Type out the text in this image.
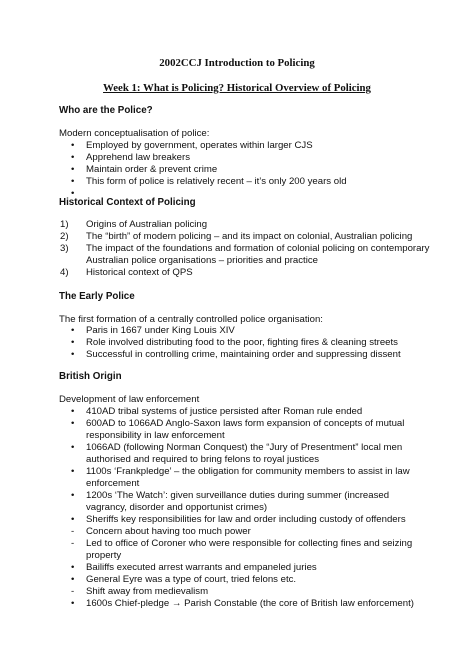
2002CCJ Introduction to Policing
Week 1: What is Policing? Historical Overview of Policing
Who are the Police?
Modern conceptualisation of police:
• Employed by government, operates within larger CJS
• Apprehend law breakers
• Maintain order & prevent crime
• This form of police is relatively recent – it’s only 200 years old
•

Historical Context of Policing
1) Origins of Australian policing
2) The “birth” of modern policing – and its impact on colonial, Australian policing
3) The impact of the foundations and formation of colonial policing on contemporary Australian police organisations – priorities and practice
4) Historical context of QPS
The Early Police
The first formation of a centrally controlled police organisation:
• Paris in 1667 under King Louis XIV
• Role involved distributing food to the poor, fighting fires & cleaning streets
• Successful in controlling crime, maintaining order and suppressing dissent
British Origin
Development of law enforcement
• 410AD tribal systems of justice persisted after Roman rule ended
• 600AD to 1066AD Anglo-Saxon laws form expansion of concepts of mutual responsibility in law enforcement
• 1066AD (following Norman Conquest) the “Jury of Presentment” local men authorised and required to bring felons to royal justices
• 1100s ‘Frankpledge’ – the obligation for community members to assist in law enforcement
• 1200s ‘The Watch’: given surveillance duties during summer (increased vagrancy, disorder and opportunist crimes)
• Sheriffs key responsibilities for law and order including custody of offenders
- Concern about having too much power
- Led to office of Coroner who were responsible for collecting fines and seizing property
• Bailiffs executed arrest warrants and empaneled juries
• General Eyre was a type of court, tried felons etc.
- Shift away from medievalism
• 1600s Chief-pledge → Parish Constable (the core of British law enforcement)
